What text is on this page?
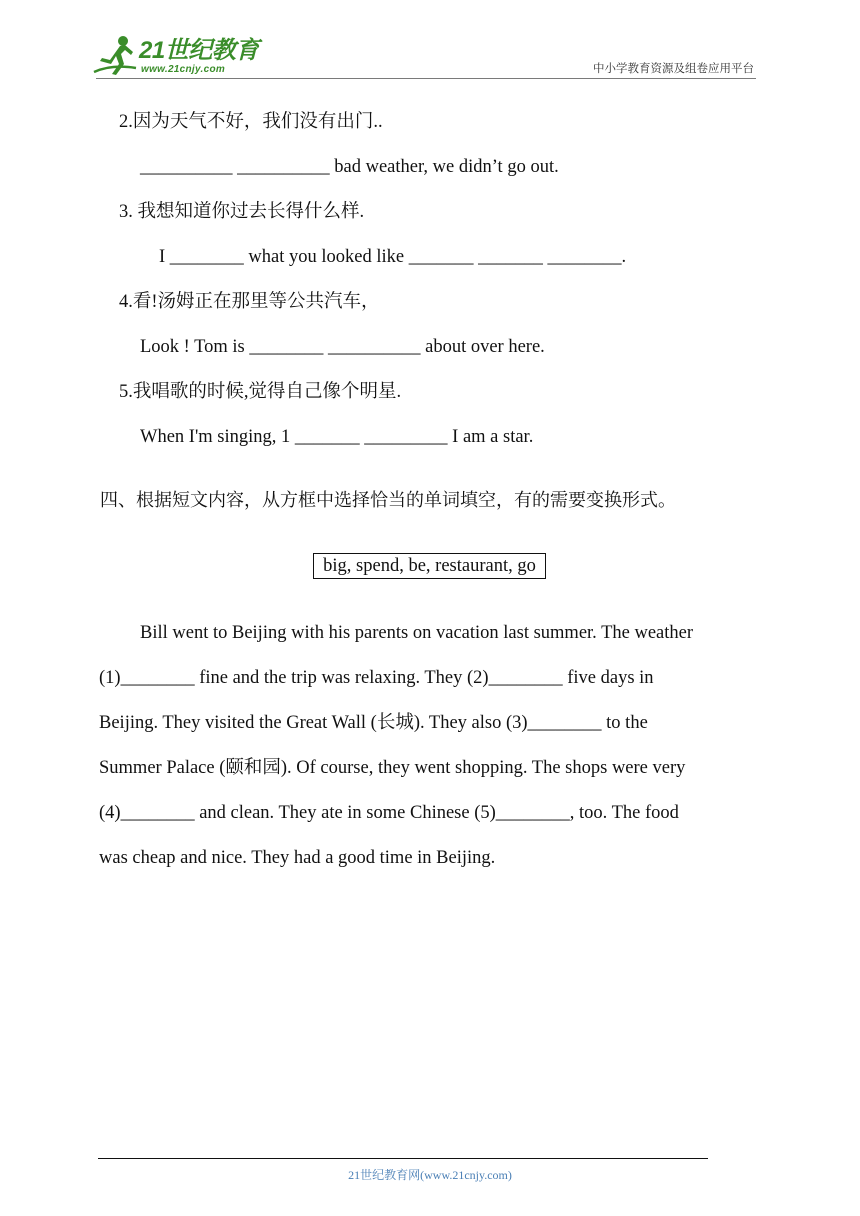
21世纪教育
www.21cnjy.com	中小学教育资源及组卷应用平台
2.因为天气不好，我们没有出门..
__________ __________ bad weather, we didn’t go out.
3. 我想知道你过去长得什么样.
I ________ what you looked like _______ _______ ________.
4.看!汤姆正在那里等公共汽车，
Look ! Tom is ________ __________ about over here.
5.我唱歌的时候,觉得自己像个明星.
When I'm singing, 1 _______ _________ I am a star.
四、根据短文内容，从方框中选择恰当的单词填空，有的需要变换形式。
big, spend, be, restaurant, go
Bill went to Beijing with his parents on vacation last summer. The weather
(1)________ fine and the trip was relaxing. They (2)________ five days in
Beijing. They visited the Great Wall (长城). They also (3)________ to the
Summer Palace (颐和园). Of course, they went shopping. The shops were very
(4)________ and clean. They ate in some Chinese (5)________, too. The food
was cheap and nice. They had a good time in Beijing.
21世纪教育网(www.21cnjy.com)
